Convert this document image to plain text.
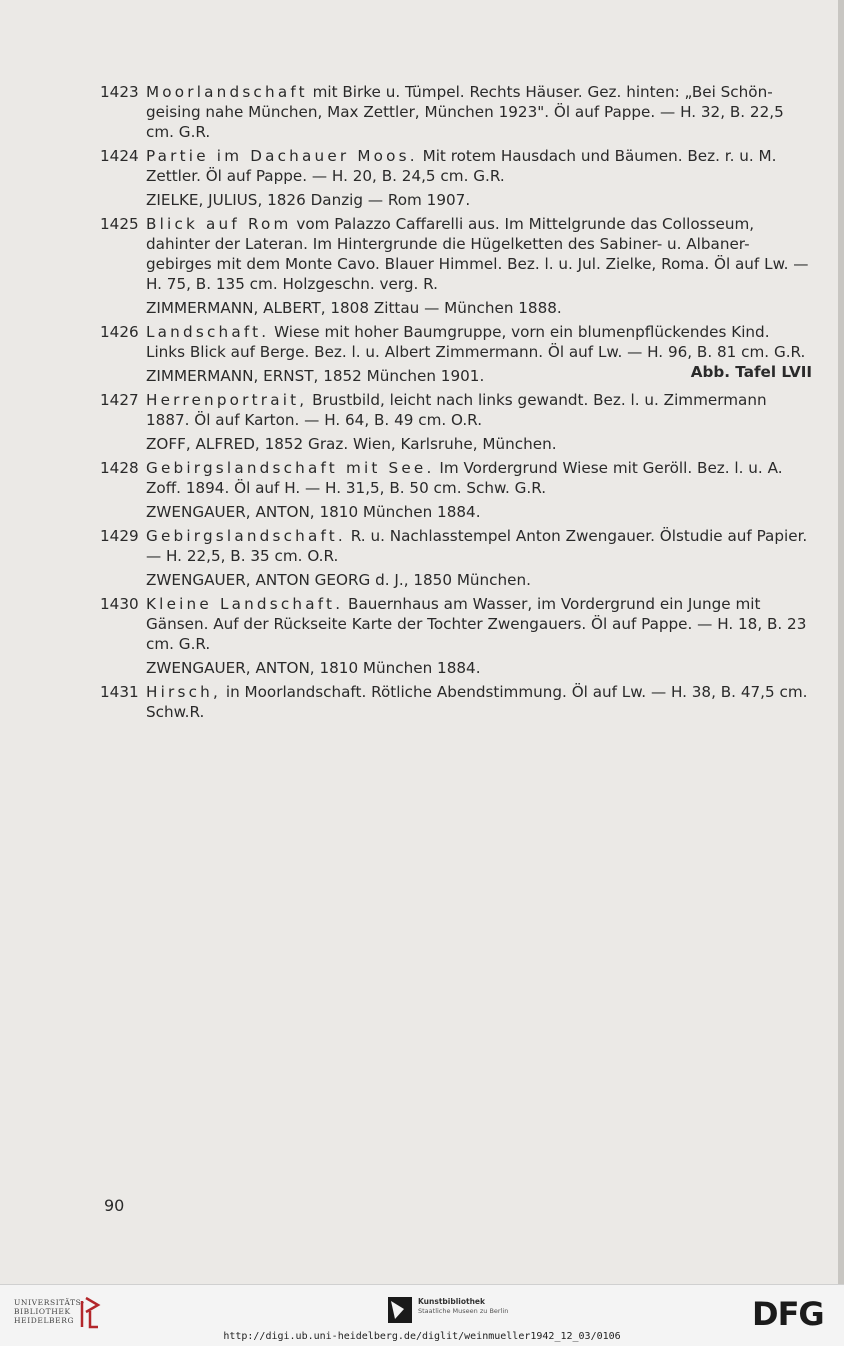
1423 Moorlandschaft mit Birke u. Tümpel. Rechts Häuser. Gez. hinten: „Bei Schön-geising nahe München, Max Zettler, München 1923". Öl auf Pappe. — H. 32, B. 22,5 cm. G.R.
1424 Partie im Dachauer Moos. Mit rotem Hausdach und Bäumen. Bez. r. u. M. Zettler. Öl auf Pappe. — H. 20, B. 24,5 cm. G.R.
ZIELKE, JULIUS, 1826 Danzig — Rom 1907.
1425 Blick auf Rom vom Palazzo Caffarelli aus. Im Mittelgrunde das Collosseum, dahinter der Lateran. Im Hintergrunde die Hügelketten des Sabiner- u. Albaner-gebirges mit dem Monte Cavo. Blauer Himmel. Bez. l. u. Jul. Zielke, Roma. Öl auf Lw. — H. 75, B. 135 cm. Holzgeschn. verg. R.
ZIMMERMANN, ALBERT, 1808 Zittau — München 1888.
1426 Landschaft. Wiese mit hoher Baumgruppe, vorn ein blumenpflückendes Kind. Links Blick auf Berge. Bez. l. u. Albert Zimmermann. Öl auf Lw. — H. 96, B. 81 cm. G.R.
Abb. Tafel LVII
ZIMMERMANN, ERNST, 1852 München 1901.
1427 Herrenportrait, Brustbild, leicht nach links gewandt. Bez. l. u. Zimmermann 1887. Öl auf Karton. — H. 64, B. 49 cm. O.R.
ZOFF, ALFRED, 1852 Graz. Wien, Karlsruhe, München.
1428 Gebirgslandschaft mit See. Im Vordergrund Wiese mit Geröll. Bez. l. u. A. Zoff. 1894. Öl auf H. — H. 31,5, B. 50 cm. Schw. G.R.
ZWENGAUER, ANTON, 1810 München 1884.
1429 Gebirgslandschaft. R. u. Nachlasstempel Anton Zwengauer. Ölstudie auf Papier. — H. 22,5, B. 35 cm. O.R.
ZWENGAUER, ANTON GEORG d. J., 1850 München.
1430 Kleine Landschaft. Bauernhaus am Wasser, im Vordergrund ein Junge mit Gänsen. Auf der Rückseite Karte der Tochter Zwengauers. Öl auf Pappe. — H. 18, B. 23 cm. G.R.
ZWENGAUER, ANTON, 1810 München 1884.
1431 Hirsch, in Moorlandschaft. Rötliche Abendstimmung. Öl auf Lw. — H. 38, B. 47,5 cm. Schw.R.
90
UNIVERSITÄTS-
BIBLIOTHEK
HEIDELBERG
Kunstbibliothek
Staatliche Museen zu Berlin	DFG
http://digi.ub.uni-heidelberg.de/diglit/weinmueller1942_12_03/0106
